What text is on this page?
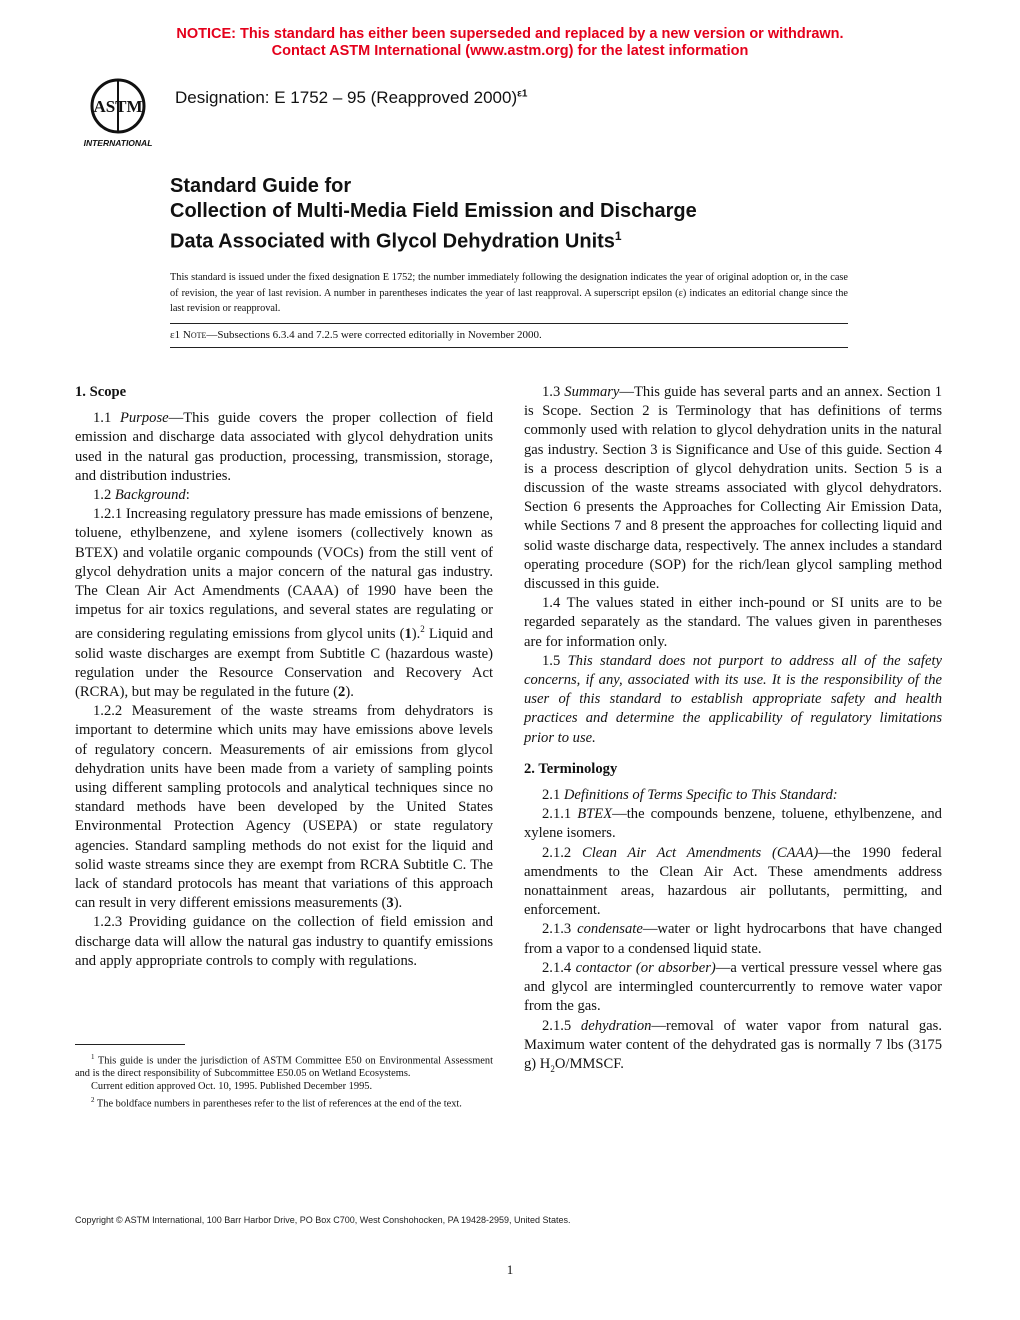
NOTICE: This standard has either been superseded and replaced by a new version or withdrawn.
Contact ASTM International (www.astm.org) for the latest information
ASTM
INTERNATIONAL
Designation: E 1752 – 95 (Reapproved 2000)$^{\varepsilon 1}$
Standard Guide for
Collection of Multi-Media Field Emission and Discharge
Data Associated with Glycol Dehydration Units$^1$
This standard is issued under the fixed designation E 1752; the number immediately following the designation indicates the year of original adoption or, in the case of revision, the year of last revision. A number in parentheses indicates the year of last reapproval. A superscript epsilon (ε) indicates an editorial change since the last revision or reapproval.
ε1 Note—Subsections 6.3.4 and 7.2.5 were corrected editorially in November 2000.
1. Scope

1.1 Purpose—This guide covers the proper collection of field emission and discharge data associated with glycol dehydration units used in the natural gas production, processing, transmission, storage, and distribution industries.

1.2 Background:

1.2.1 Increasing regulatory pressure has made emissions of benzene, toluene, ethylbenzene, and xylene isomers (collectively known as BTEX) and volatile organic compounds (VOCs) from the still vent of glycol dehydration units a major concern of the natural gas industry. The Clean Air Act Amendments (CAAA) of 1990 have been the impetus for air toxics regulations, and several states are regulating or are considering regulating emissions from glycol units (1).$^2$ Liquid and solid waste discharges are exempt from Subtitle C (hazardous waste) regulation under the Resource Conservation and Recovery Act (RCRA), but may be regulated in the future (2).

1.2.2 Measurement of the waste streams from dehydrators is important to determine which units may have emissions above levels of regulatory concern. Measurements of air emissions from glycol dehydration units have been made from a variety of sampling points using different sampling protocols and analytical techniques since no standard methods have been developed by the United States Environmental Protection Agency (USEPA) or state regulatory agencies. Standard sampling methods do not exist for the liquid and solid waste streams since they are exempt from RCRA Subtitle C. The lack of standard protocols has meant that variations of this approach can result in very different emissions measurements (3).

1.2.3 Providing guidance on the collection of field emission and discharge data will allow the natural gas industry to quantify emissions and apply appropriate controls to comply with regulations.

$^1$ This guide is under the jurisdiction of ASTM Committee E50 on Environmental Assessment and is the direct responsibility of Subcommittee E50.05 on Wetland Ecosystems.

Current edition approved Oct. 10, 1995. Published December 1995.

$^2$ The boldface numbers in parentheses refer to the list of references at the end of the text.

1.3 Summary—This guide has several parts and an annex. Section 1 is Scope. Section 2 is Terminology that has definitions of terms commonly used with relation to glycol dehydration units in the natural gas industry. Section 3 is Significance and Use of this guide. Section 4 is a process description of glycol dehydration units. Section 5 is a discussion of the waste streams associated with glycol dehydrators. Section 6 presents the Approaches for Collecting Air Emission Data, while Sections 7 and 8 present the approaches for collecting liquid and solid waste discharge data, respectively. The annex includes a standard operating procedure (SOP) for the rich/lean glycol sampling method discussed in this guide.

1.4 The values stated in either inch-pound or SI units are to be regarded separately as the standard. The values given in parentheses are for information only.

1.5 This standard does not purport to address all of the safety concerns, if any, associated with its use. It is the responsibility of the user of this standard to establish appropriate safety and health practices and determine the applicability of regulatory limitations prior to use.

2. Terminology

2.1 Definitions of Terms Specific to This Standard:

2.1.1 BTEX—the compounds benzene, toluene, ethylbenzene, and xylene isomers.

2.1.2 Clean Air Act Amendments (CAAA)—the 1990 federal amendments to the Clean Air Act. These amendments address nonattainment areas, hazardous air pollutants, permitting, and enforcement.

2.1.3 condensate—water or light hydrocarbons that have changed from a vapor to a condensed liquid state.

2.1.4 contactor (or absorber)—a vertical pressure vessel where gas and glycol are intermingled countercurrently to remove water vapor from the gas.

2.1.5 dehydration—removal of water vapor from natural gas. Maximum water content of the dehydrated gas is normally 7 lbs (3175 g) $H_2O$/MMSCF.

Copyright © ASTM International, 100 Barr Harbor Drive, PO Box C700, West Conshohocken, PA 19428-2959, United States.
1
